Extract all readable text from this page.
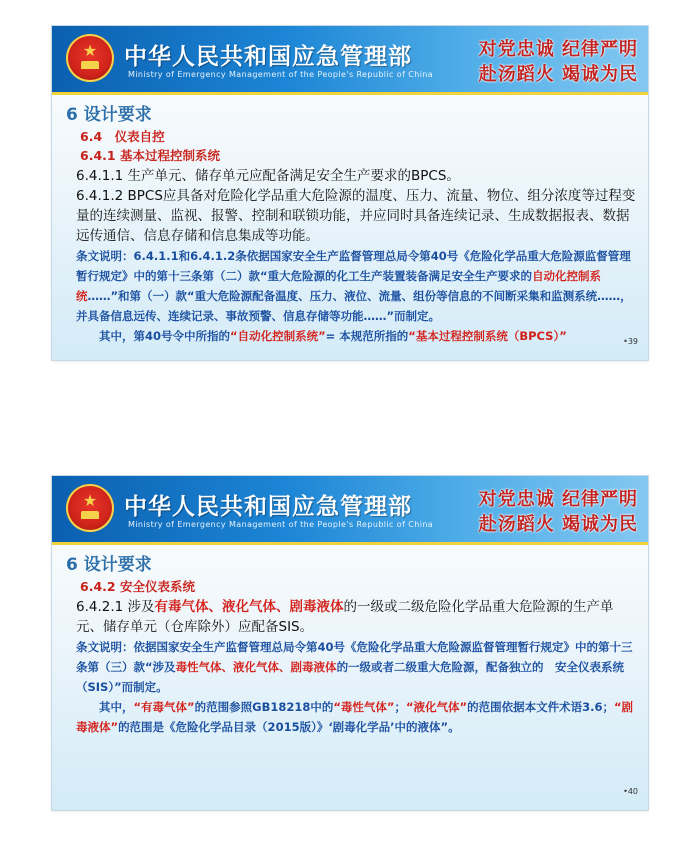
★	中华人民共和国应急管理部
Ministry of Emergency Management of the People's Republic of China
对党忠诚 纪律严明
赴汤蹈火 竭诚为民
6 设计要求
6.4　仪表自控
6.4.1 基本过程控制系统
6.4.1.1 生产单元、储存单元应配备满足安全生产要求的BPCS。
6.4.1.2 BPCS应具备对危险化学品重大危险源的温度、压力、流量、物位、组分浓度等过程变量的连续测量、监视、报警、控制和联锁功能，并应同时具备连续记录、生成数据报表、数据远传通信、信息存储和信息集成等功能。
条文说明：6.4.1.1和6.4.1.2条依据国家安全生产监督管理总局令第40号《危险化学品重大危险源监督管理暂行规定》中的第十三条第（二）款“重大危险源的化工生产装置装备满足安全生产要求的自动化控制系统……”和第（一）款“重大危险源配备温度、压力、液位、流量、组份等信息的不间断采集和监测系统……，并具备信息远传、连续记录、事故预警、信息存储等功能……”而制定。
其中，第40号令中所指的“自动化控制系统”= 本规范所指的“基本过程控制系统（BPCS）”	•39
★	中华人民共和国应急管理部
Ministry of Emergency Management of the People's Republic of China
对党忠诚 纪律严明
赴汤蹈火 竭诚为民
6 设计要求
6.4.2 安全仪表系统
6.4.2.1 涉及有毒气体、液化气体、剧毒液体的一级或二级危险化学品重大危险源的生产单元、储存单元（仓库除外）应配备SIS。
条文说明：依据国家安全生产监督管理总局令第40号《危险化学品重大危险源监督管理暂行规定》中的第十三条第（三）款“涉及毒性气体、液化气体、剧毒液体的一级或者二级重大危险源，配备独立的　安全仪表系统（SIS）”而制定。
其中，“有毒气体”的范围参照GB18218中的“毒性气体”；“液化气体”的范围依据本文件术语3.6；“剧毒液体”的范围是《危险化学品目录（2015版）》‘剧毒化学品’中的液体”。
•40
